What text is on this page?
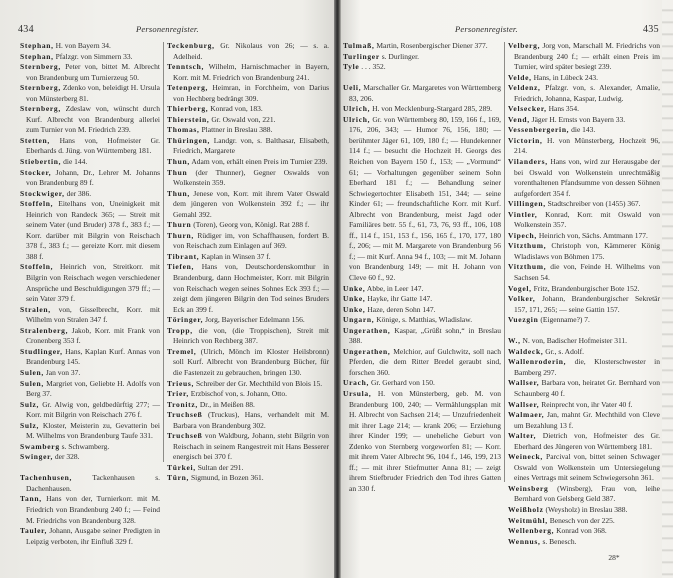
434	Personenregister.

Stephan, H. von Bayern 34.

Stephan, Pfalzgr. von Simmern 33.

Sternberg, Peter von, bittet M. Albrecht von Brandenburg um Turnierzeug 50.

Sternberg, Zdenko von, beleidigt H. Ursula von Münsterberg 81.

Sternberg, Zdeslaw von, wünscht durch Kurf. Albrecht von Brandenburg allerlei zum Turnier von M. Friedrich 239.

Stetten, Hans von, Hofmeister Gr. Eberhards d. Jüng. von Württemberg 181.

Stiebertin, die 144.

Stocker, Johann, Dr., Lehrer M. Johanns von Brandenburg 89 f.

Stockwiger, der 386.

Stoffeln, Eitelhans von, Uneinigkeit mit Heinrich von Randeck 365; — Streit mit seinem Vater (und Bruder) 378 f., 383 f.; — Korr. darüber mit Bilgrin von Reischach 378 f., 383 f.; — gereizte Korr. mit diesem 388 f.

Stoffeln, Heinrich von, Streitkorr. mit Bilgrin von Reischach wegen verschiedener Ansprüche und Beschuldigungen 379 ff.; — sein Vater 379 f.

Stralen, von, Gisselbrecht, Korr. mit Wilhelm von Stralen 347 f.

Stralenberg, Jakob, Korr. mit Frank von Cronenberg 353 f.

Studlinger, Hans, Kaplan Kurf. Annas von Brandenburg 145.

Sulen, Jan von 37.

Sulen, Margriet von, Geliebte H. Adolfs von Berg 37.

Sulz, Gr. Alwig von, geldbedürftig 277; — Korr. mit Bilgrin von Reischach 276 f.

Sulz, Kloster, Meisterin zu, Gevatterin bei M. Wilhelms von Brandenburg Taufe 331.

Swamberg s. Schwamberg.

Swinger, der 328.

Tachenhusen, Tackenhausen s. Dachenhausen.

Tann, Hans von der, Turnierkorr. mit M. Friedrich von Brandenburg 240 f.; — Feind M. Friedrichs von Brandenburg 328.

Tauler, Johann, Ausgabe seiner Predigten in Leipzig verboten, ihr Einfluß 329 f.

Teckenburg, Gr. Nikolaus von 26; — s. a. Adelheid.

Tenntsch, Wilhelm, Harnischmacher in Bayern, Korr. mit M. Friedrich von Brandenburg 241.

Tetenperg, Heimran, in Forchheim, von Darius von Hechberg bedrängt 309.

Thierberg, Konrad von, 183.

Thierstein, Gr. Oswald von, 221.

Thomas, Plattner in Breslau 388.

Thüringen, Landgr. von, s. Balthasar, Elisabeth, Friedrich, Margarete

Thun, Adam von, erhält einen Preis im Turnier 239.

Thun (der Thunner), Gegner Oswalds von Wolkenstein 359.

Thun, Jenese von, Korr. mit ihrem Vater Oswald dem jüngeren von Wolkenstein 392 f.; — ihr Gemahl 392.

Thurn (Toren), Georg von, Königl. Rat 288 f.

Thurn, Rüdiger im, von Schaffhausen, fordert B. von Reischach zum Einlagen auf 369.

Tibrant, Kaplan in Winsen 37 f.

Tiefen, Hans von, Deutschordenskomthur in Brandenburg, dann Hochmeister, Korr. mit Bilgrin von Reischach wegen seines Sohnes Eck 393 f.; — zeigt dem jüngeren Bilgrin den Tod seines Bruders Eck an 399 f.

Töringer, Jorg, Bayerischer Edelmann 156.

Tropp, die von, (die Troppischen), Streit mit Heinrich von Rechberg 387.

Tremel, (Ulrich, Mönch im Kloster Heilsbronn) soll Kurf. Albrecht von Brandenburg Bücher, für die Fastenzeit zu gebrauchen, bringen 130.

Trieus, Schreiber der Gr. Mechthild von Blois 15.

Trier, Erzbischof von, s. Johann, Otto.

Tronitz, Dr., in Meißen 88.

Truchseß (Truckus), Hans, verhandelt mit M. Barbara von Brandenburg 302.

Truchseß von Waldburg, Johann, steht Bilgrin von Reischach in seinem Rangestreit mit Hans Besserer energisch bei 370 f.

Türkei, Sultan der 291.

Türn, Sigmund, in Bozen 361.

Personenregister.	435

Tulmaß, Martin, Rosenbergischer Diener 377.

Turlinger s. Durlinger.

Tyle . . . 352.

Ueli, Marschaller Gr. Margaretes von Württemberg 83, 206.

Ulrich, H. von Mecklenburg-Stargard 285, 289.

Ulrich, Gr. von Württemberg 80, 159, 166 f., 169, 176, 206, 343; — Humor 76, 156, 180; — berühmter Jäger 61, 109, 180 f.; — Hundekenner 114 f.; — besucht die Hochzeit H. Georgs des Reichen von Bayern 150 f., 153; — „Vormund“ 61; — Vorhaltungen gegenüber seinem Sohn Eberhard 181 f.; — Behandlung seiner Schwiegertochter Elisabeth 151, 344; — seine Kinder 61; — freundschaftliche Korr. mit Kurf. Albrecht von Brandenburg, meist Jagd oder Familiäres betr. 55 f., 61, 73, 76, 93 ff., 106, 108 ff., 114 f., 151, 153 f., 156, 165 f., 170, 177, 180 f., 206; — mit M. Margarete von Brandenburg 56 f.; — mit Kurf. Anna 94 f., 103; — mit M. Johann von Brandenburg 149; — mit H. Johann von Cleve 60 f., 92.

Unke, Abbe, in Leer 147.

Unke, Hayke, ihr Gatte 147.

Unke, Haze, deren Sohn 147.

Ungarn, Könige, s. Matthias, Wladislaw.

Ungerathen, Kaspar, „Grüßt sohn,“ in Breslau 388.

Ungerathen, Melchior, auf Gulchwitz, soll nach Pferden, die dem Ritter Bredel geraubt sind, forschen 360.

Urach, Gr. Gerhard von 150.

Ursula, H. von Münsterberg, geb. M. von Brandenburg 100, 240; — Vermählungsplan mit H. Albrecht von Sachsen 214; — Unzufriedenheit mit ihrer Lage 214; — krank 206; — Erziehung ihrer Kinder 199; — uneheliche Geburt von Zdenko von Sternberg vorgeworfen 81; — Korr. mit ihrem Vater Albrecht 96, 104 f., 146, 199, 213 ff.; — mit ihrer Stiefmutter Anna 81; — zeigt ihrem Stiefbruder Friedrich den Tod ihres Gatten an 330 f.

Velberg, Jorg von, Marschall M. Friedrichs von Brandenburg 240 f.; — erhält einen Preis im Turnier, wird später besiegt 239.

Velde, Hans, in Lübeck 243.

Veldenz, Pfalzgr. von, s. Alexander, Amalie, Friedrich, Johanna, Kaspar, Ludwig.

Velsecker, Hans 354.

Vend, Jäger H. Ernsts von Bayern 33.

Vessenbergerin, die 143.

Victorin, H. von Münsterberg, Hochzeit 96, 214.

Vilanders, Hans von, wird zur Herausgabe der bei Oswald von Wolkenstein unrechtmäßig vorenthaltenen Pfandsumme von dessen Söhnen aufgefordert 354 f.

Villingen, Stadtschreiber von (1455) 367.

Vintler, Konrad, Korr. mit Oswald von Wolkenstein 357.

Vipech, Heinrich von, Sächs. Amtmann 177.

Vitzthum, Christoph von, Kämmerer König Wladislaws von Böhmen 175.

Vitzthum, die von, Feinde H. Wilhelms von Sachsen 54.

Vogel, Fritz, Brandenburgischer Bote 152.

Volker, Johann, Brandenburgischer Sekretär 157, 171, 265; — seine Gattin 157.

Vuezgin (Eigenname?) 7.

W., N. von, Badischer Hofmeister 311.

Waldeck, Gr., s. Adolf.

Wallenroderin, die, Klosterschwester in Bamberg 297.

Wallser, Barbara von, heiratet Gr. Bernhard von Schaunberg 40 f.

Wallser, Reinprecht von, ihr Vater 40 f.

Walmaer, Jan, mahnt Gr. Mechthild von Cleve um Bezahlung 13 f.

Walter, Dietrich von, Hofmeister des Gr. Eberhard des Jüngeren von Württemberg 181.

Weineck, Parcival von, bittet seinen Schwager Oswald von Wolkenstein um Untersiegelung eines Vertrags mit seinem Schwiegersohn 361.

Weinsberg (Winsberg), Frau von, leihe Bernhard von Gelsberg Geld 387.

Weißholz (Weysholz) in Breslau 388.

Weitmühl, Benesch von der 225.

Wellenberg, Konrad von 368.

Wennus, s. Benesch.

28*
